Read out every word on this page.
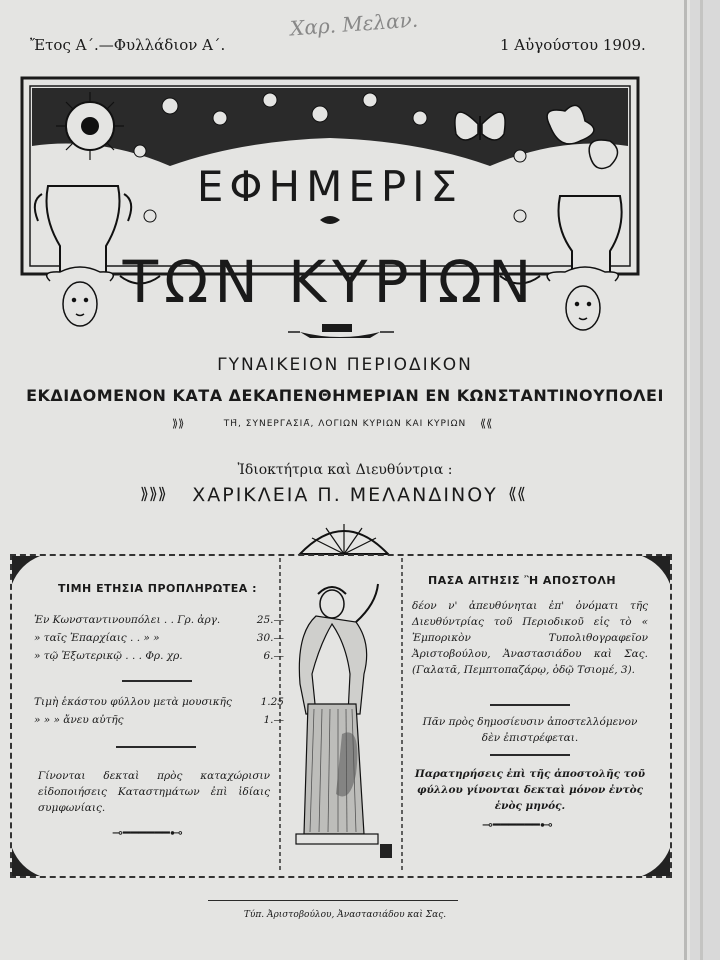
Ἔτος Α΄.—Φυλλάδιον Α΄.	1 Αὐγούστου 1909.
Χαρ. Μελαν.
ΕΦΗΜΕΡΙΣ
ΤΩΝ ΚΥΡΙΩΝ
ΓΥΝΑΙΚΕΙΟΝ ΠΕΡΙΟΔΙΚΟΝ
ΕΚΔΙΔΟΜΕΝΟΝ ΚΑΤΑ ΔΕΚΑΠΕΝΘΗΜΕΡΙΑΝ ΕΝ ΚΩΝΣΤΑΝΤΙΝΟΥΠΟΛΕΙ
ΤΗ͂, ΣΥΝΕΡΓΑΣΙΑ͂, ΛΟΓΙΩΝ ΚΥΡΙΩΝ ΚΑΙ ΚΥΡΙΩΝ
⟫⟫	⟪⟪
Ἰδιοκτήτρια καὶ Διευθύντρια :
ΧΑΡΙΚΛΕΙΑ Π. ΜΕΛΑΝΔΙΝΟΥ
⟫⟫⟫	⟪⟪
ΤΙΜΗ ΕΤΗΣΙΑ ΠΡΟΠΛΗΡΩΤΕΑ :
Ἐν Κωνσταντινουπόλει . . Γρ. ἀργ.	25.—
» ταῖς Ἐπαρχίαις . . » »	30.—
» τῷ Ἐξωτερικῷ . . . Φρ. χρ.	6.—
Τιμὴ ἑκάστου φύλλου μετὰ μουσικῆς	1.25
» » » ἄνευ αὐτῆς	1.—
Γίνονται δεκταὶ πρὸς καταχώρισιν εἰδοποιήσεις Καταστημάτων ἐπὶ ἰδίαις συμφωνίαις.
⊸━━━━━━⊷
ΠΑΣΑ ΑΙΤΗΣΙΣ Ἢ ΑΠΟΣΤΟΛΗ
δέον ν' ἀπευθύνηται ἐπ' ὀνόματι τῆς Διευθύντρίας τοῦ Περιοδικοῦ εἰς τὸ « Ἐμπορικὸν Τυπολιθογραφεῖον Ἀριστοβούλου, Ἀναστασιάδου καὶ Σας. (Γαλατᾶ, Πεμπτοπαζάρῳ, ὁδῷ Τσιομέ, 3).
Πᾶν πρὸς δημοσίευσιν ἀποστελλόμενον δὲν ἐπιστρέφεται.
Παρατηρήσεις ἐπὶ τῆς ἀποστολῆς τοῦ φύλλου γίνονται δεκταὶ μόνον ἐντὸς ἑνὸς μηνός.
⊸━━━━━━⊷
Τύπ. Ἀριστοβούλου, Ἀναστασιάδου καὶ Σας.
